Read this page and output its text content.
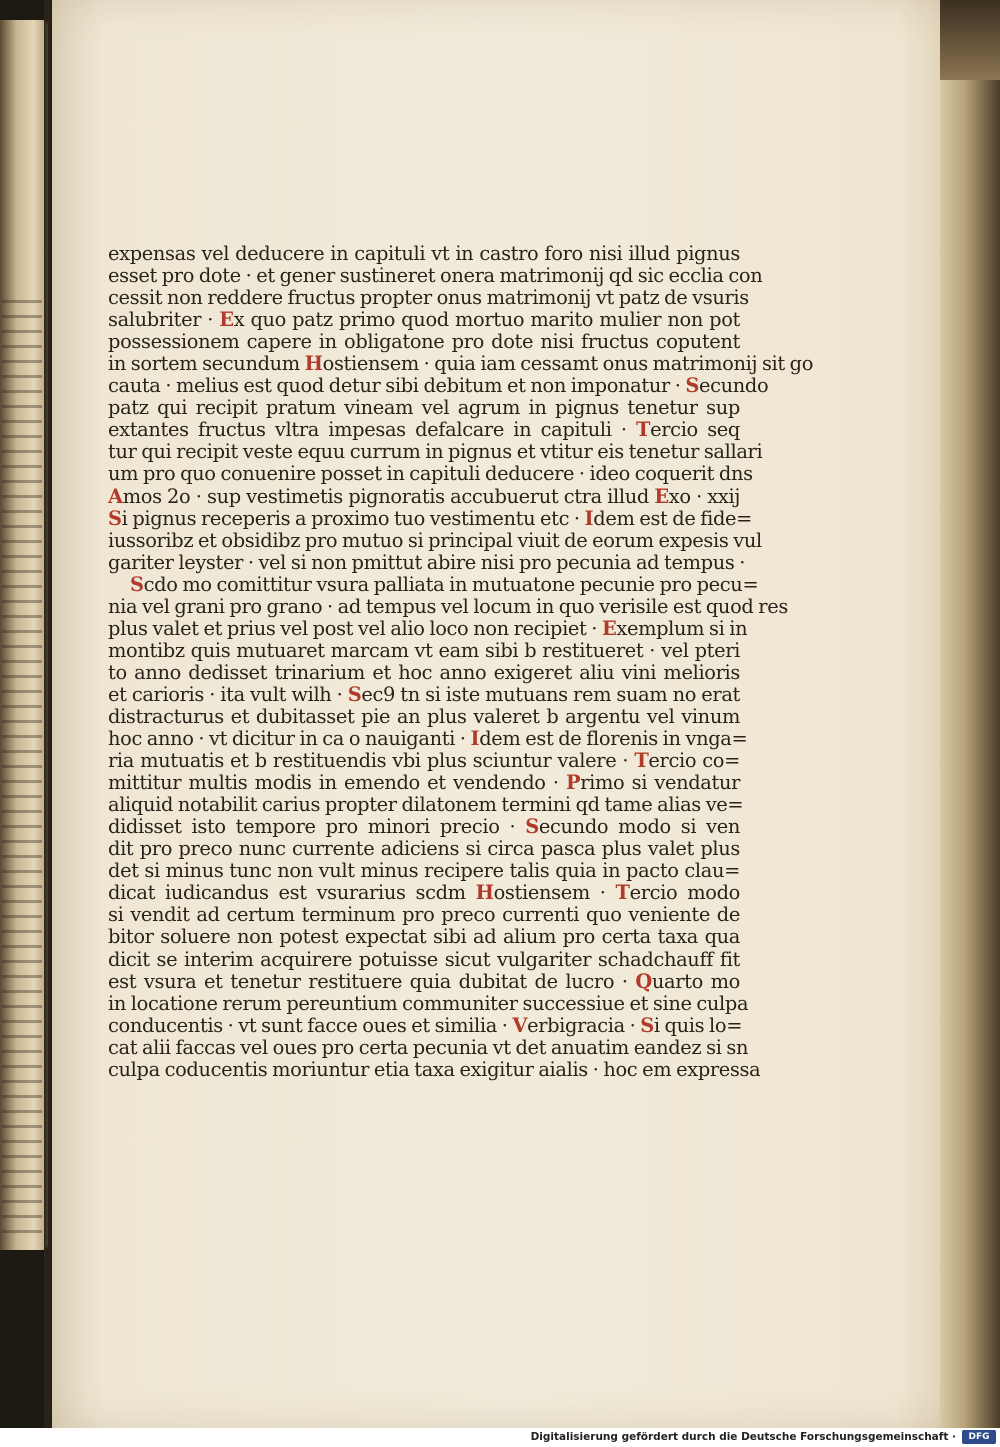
expensas vel deducere in capituli vt in castro foro nisi illud pignus
esset pro dote · et gener sustineret onera matrimonij qd sic ecclia con
cessit non reddere fructus propter onus matrimonij vt patz de vsuris
salubriter · Ex quo patz primo quod mortuo marito mulier non pot
possessionem capere in obligatone pro dote nisi fructus coputent
in sortem secundum Hostiensem · quia iam cessamt onus matrimonij sit go
cauta · melius est quod detur sibi debitum et non imponatur · Secundo
patz qui recipit pratum vineam vel agrum in pignus tenetur sup
extantes fructus vltra impesas defalcare in capituli · Tercio seq
tur qui recipit veste equu currum in pignus et vtitur eis tenetur sallari
um pro quo conuenire posset in capituli deducere · ideo coquerit dns
Amos 2o · sup vestimetis pignoratis accubuerut ctra illud Exo · xxij
Si pignus receperis a proximo tuo vestimentu etc · Idem est de fide=
iussoribz et obsidibz pro mutuo si principal viuit de eorum expesis vul
gariter leyster · vel si non pmittut abire nisi pro pecunia ad tempus ·
Scdo mo comittitur vsura palliata in mutuatone pecunie pro pecu=
nia vel grani pro grano · ad tempus vel locum in quo verisile est quod res
plus valet et prius vel post vel alio loco non recipiet · Exemplum si in
montibz quis mutuaret marcam vt eam sibi b restitueret · vel pteri
to anno dedisset trinarium et hoc anno exigeret aliu vini melioris
et carioris · ita vult wilh · Sec9 tn si iste mutuans rem suam no erat
distracturus et dubitasset pie an plus valeret b argentu vel vinum
hoc anno · vt dicitur in ca o nauiganti · Idem est de florenis in vnga=
ria mutuatis et b restituendis vbi plus sciuntur valere · Tercio co=
mittitur multis modis in emendo et vendendo · Primo si vendatur
aliquid notabilit carius propter dilatonem termini qd tame alias ve=
didisset isto tempore pro minori precio · Secundo modo si ven
dit pro preco nunc currente adiciens si circa pasca plus valet plus
det si minus tunc non vult minus recipere talis quia in pacto clau=
dicat iudicandus est vsurarius scdm Hostiensem · Tercio modo
si vendit ad certum terminum pro preco currenti quo veniente de
bitor soluere non potest expectat sibi ad alium pro certa taxa qua
dicit se interim acquirere potuisse sicut vulgariter schadchauff fit
est vsura et tenetur restituere quia dubitat de lucro · Quarto mo
in locatione rerum pereuntium communiter successiue et sine culpa
conducentis · vt sunt facce oues et similia · Verbigracia · Si quis lo=
cat alii faccas vel oues pro certa pecunia vt det anuatim eandez si sn
culpa coducentis moriuntur etia taxa exigitur aialis · hoc em expressa
Digitalisierung gefördert durch die Deutsche Forschungsgemeinschaft ·	DFG
